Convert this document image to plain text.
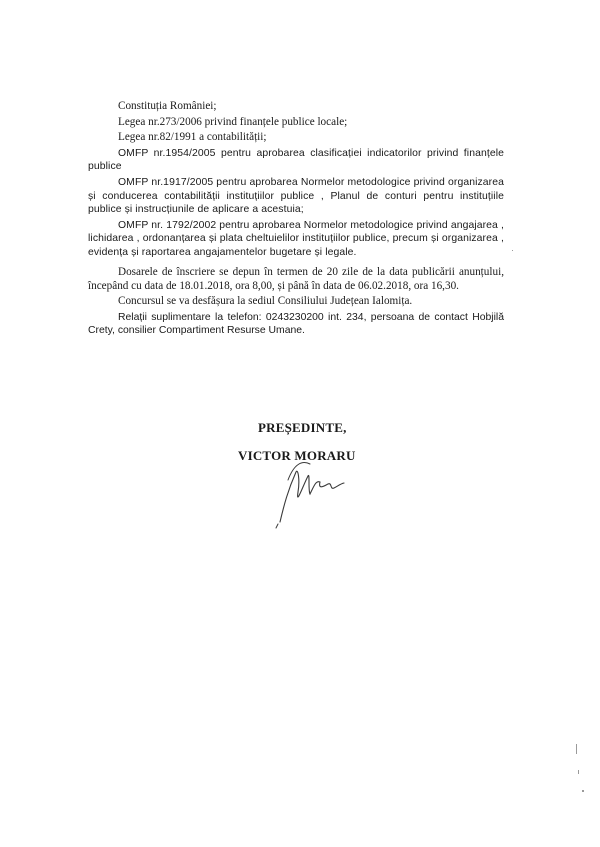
Constituția României;

Legea nr.273/2006 privind finanțele publice locale;

Legea nr.82/1991 a contabilității;

OMFP nr.1954/2005 pentru aprobarea clasificației indicatorilor privind finanțele publice

OMFP nr.1917/2005 pentru aprobarea Normelor metodologice privind organizarea și conducerea contabilității instituțiilor publice , Planul de conturi pentru instituțiile publice și instrucțiunile de aplicare a acestuia;

OMFP nr. 1792/2002 pentru aprobarea Normelor metodologice privind angajarea , lichidarea , ordonanțarea și plata cheltuielilor instituțiilor publice, precum și organizarea , evidența și raportarea angajamentelor bugetare și legale.

Dosarele de înscriere se depun în termen de 20 zile de la data publicării anunțului, începând cu data de 18.01.2018, ora 8,00, și până în data de 06.02.2018, ora 16,30.

Concursul se va desfășura la sediul Consiliului Județean Ialomița.

Relații suplimentare la telefon: 0243230200 int. 234, persoana de contact Hobjilă Crety, consilier Compartiment Resurse Umane.

PREȘEDINTE,
VICTOR MORARU
